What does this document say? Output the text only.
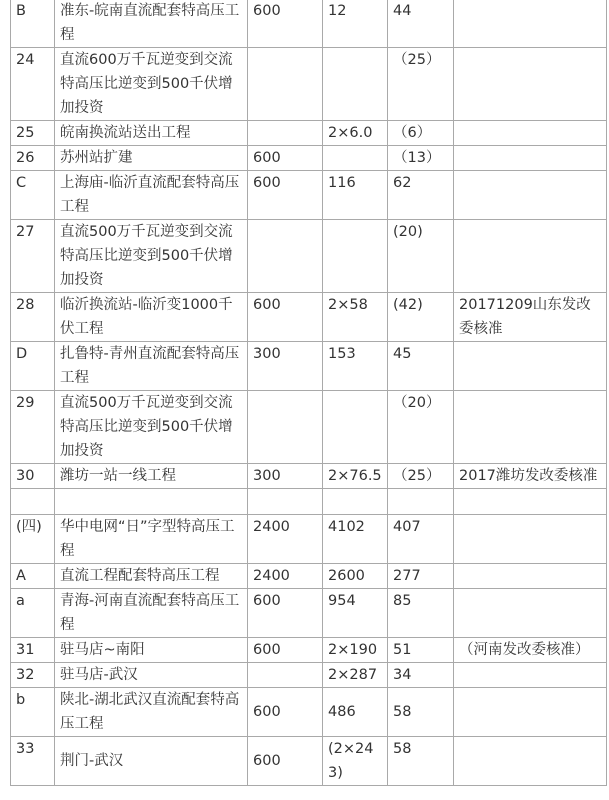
B	准东-皖南直流配套特高压工程	600	12	44	
24	直流600万千瓦逆变到交流特高压比逆变到500千伏增加投资			（25）	
25	皖南换流站送出工程		2×6.0	（6）	
26	苏州站扩建	600		（13）	
C	上海庙-临沂直流配套特高压工程	600	116	62	
27	直流500万千瓦逆变到交流特高压比逆变到500千伏增加投资			(20)	
28	临沂换流站-临沂变1000千伏工程	600	2×58	(42)	20171209山东发改委核准
D	扎鲁特-青州直流配套特高压工程	300	153	45	
29	直流500万千瓦逆变到交流特高压比逆变到500千伏增加投资			（20）	
30	潍坊一站一线工程	300	2×76.5	（25）	2017潍坊发改委核准

(四)	华中电网“日”字型特高压工程	2400	4102	407	
A	直流工程配套特高压工程	2400	2600	277	
a	青海-河南直流配套特高压工程	600	954	85	
31	驻马店~南阳	600	2×190	51	（河南发改委核准）
32	驻马店-武汉		2×287	34	
b	陕北-湖北武汉直流配套特高压工程	600	486	58	
33	荆门-武汉	600	(2×243)	58	
